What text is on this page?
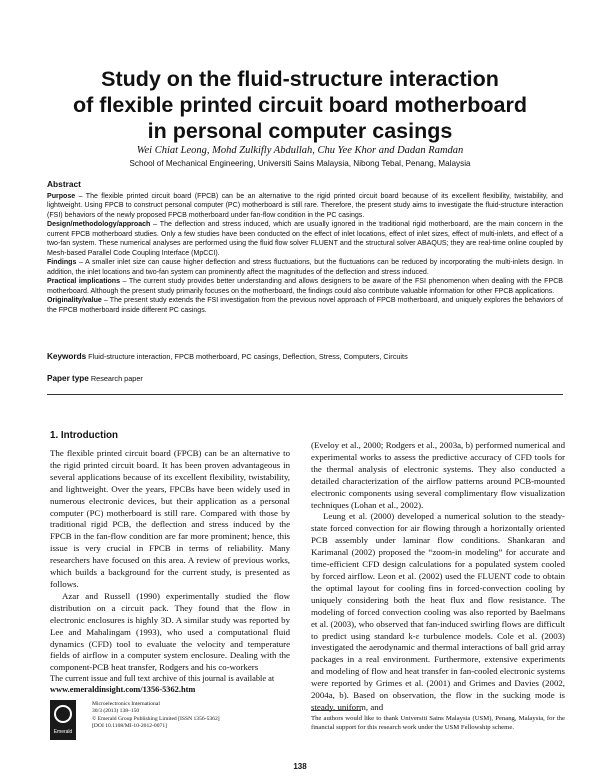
Study on the fluid-structure interaction
of flexible printed circuit board motherboard
in personal computer casings
Wei Chiat Leong, Mohd Zulkifly Abdullah, Chu Yee Khor and Dadan Ramdan
School of Mechanical Engineering, Universiti Sains Malaysia, Nibong Tebal, Penang, Malaysia
Abstract

Purpose – The flexible printed circuit board (FPCB) can be an alternative to the rigid printed circuit board because of its excellent flexibility, twistability, and lightweight. Using FPCB to construct personal computer (PC) motherboard is still rare. Therefore, the present study aims to investigate the fluid-structure interaction (FSI) behaviors of the newly proposed FPCB motherboard under fan-flow condition in the PC casings.

Design/methodology/approach – The deflection and stress induced, which are usually ignored in the traditional rigid motherboard, are the main concern in the current FPCB motherboard studies. Only a few studies have been conducted on the effect of inlet locations, effect of inlet sizes, effect of multi-inlets, and effect of a two-fan system. These numerical analyses are performed using the fluid flow solver FLUENT and the structural solver ABAQUS; they are real-time online coupled by Mesh-based Parallel Code Coupling Interface (MpCCI).

Findings – A smaller inlet size can cause higher deflection and stress fluctuations, but the fluctuations can be reduced by incorporating the multi-inlets design. In addition, the inlet locations and two-fan system can prominently affect the magnitudes of the deflection and stress induced.

Practical implications – The current study provides better understanding and allows designers to be aware of the FSI phenomenon when dealing with the FPCB motherboard. Although the present study primarily focuses on the motherboard, the findings could also contribute valuable information for other FPCB applications.

Originality/value – The present study extends the FSI investigation from the previous novel approach of FPCB motherboard, and uniquely explores the behaviors of the FPCB motherboard inside different PC casings.

Keywords Fluid-structure interaction, FPCB motherboard, PC casings, Deflection, Stress, Computers, Circuits
Paper type Research paper
1. Introduction

The flexible printed circuit board (FPCB) can be an alternative to the rigid printed circuit board. It has been proven advantageous in several applications because of its excellent flexibility, twistability, and lightweight. Over the years, FPCBs have been widely used in numerous electronic devices, but their application as a personal computer (PC) motherboard is still rare. Compared with those by traditional rigid PCB, the deflection and stress induced by the FPCB in the fan-flow condition are far more prominent; hence, this issue is very crucial in FPCB in terms of reliability. Many researchers have focused on this area. A review of previous works, which builds a background for the current study, is presented as follows.

Azar and Russell (1990) experimentally studied the flow distribution on a circuit pack. They found that the flow in electronic enclosures is highly 3D. A similar study was reported by Lee and Mahalingam (1993), who used a computational fluid dynamics (CFD) tool to evaluate the velocity and temperature fields of airflow in a computer system enclosure. Dealing with the component-PCB heat transfer, Rodgers and his co-workers

(Eveloy et al., 2000; Rodgers et al., 2003a, b) performed numerical and experimental works to assess the predictive accuracy of CFD tools for the thermal analysis of electronic systems. They also conducted a detailed characterization of the airflow patterns around PCB-mounted electronic components using several complimentary flow visualization techniques (Lohan et al., 2002).

Leung et al. (2000) developed a numerical solution to the steady-state forced convection for air flowing through a horizontally oriented PCB assembly under laminar flow conditions. Shankaran and Karimanal (2002) proposed the “zoom-in modeling” for accurate and time-efficient CFD design calculations for a populated system cooled by forced airflow. Leon et al. (2002) used the FLUENT code to obtain the optimal layout for cooling fins in forced-convection cooling by uniquely considering both the heat flux and flow resistance. The modeling of forced convection cooling was also reported by Baelmans et al. (2003), who observed that fan-induced swirling flows are difficult to predict using standard k-ε turbulence models. Cole et al. (2003) investigated the aerodynamic and thermal interactions of ball grid array packages in a real environment. Furthermore, extensive experiments and modeling of flow and heat transfer in fan-cooled electronic systems were reported by Grimes et al. (2001) and Grimes and Davies (2002, 2004a, b). Based on observation, the flow in the sucking mode is steady, uniform, and

The current issue and full text archive of this journal is available at
www.emeraldinsight.com/1356-5362.htm
Emerald
Microelectronics International
30/3 (2013) 138–150
© Emerald Group Publishing Limited [ISSN 1356-5362]
[DOI 10.1108/MI-10-2012-0071]
The authors would like to thank Universiti Sains Malaysia (USM), Penang, Malaysia, for the financial support for this research work under the USM Fellowship scheme.
138
